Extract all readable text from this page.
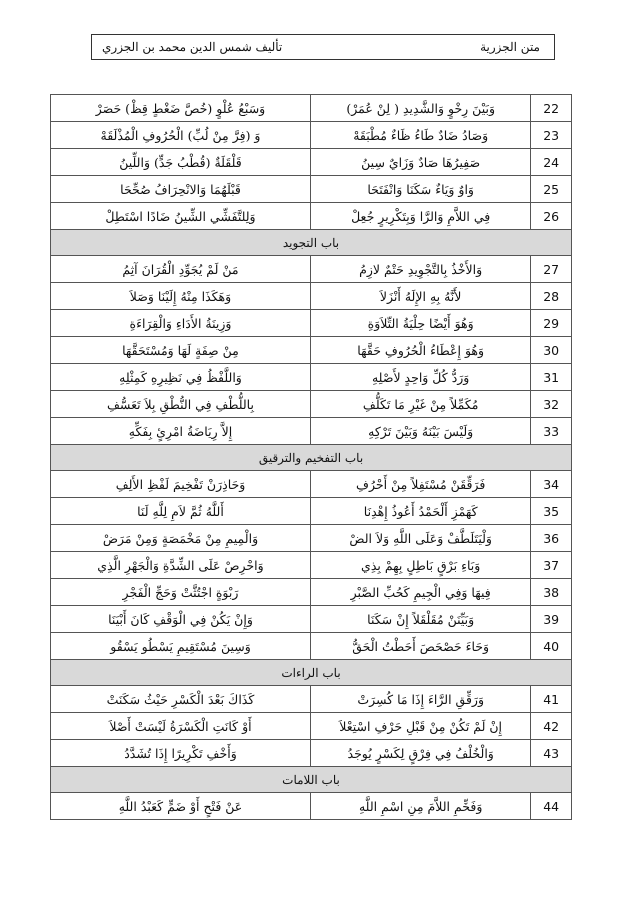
متن الجزرية
تأليف شمس الدين محمد بن الجزري
22	وَبَيْنَ رِخْوٍ وَالشَّدِيدِ ( لِنْ عُمَرْ)	وَسَبْعُ عُلْوٍ (خُصَّ ضَغْطٍ قِظْ) حَصَرْ
23	وَصَادُ ضَادٌ طَاءُ ظَاءٌ مُطْبَقَهْ	وَ (فِرَّ مِنْ لُبِّ) الْحُرُوفِ الْمُذْلَقَهْ
24	صَفِيرُهَا صَادٌ وَزَايٌ سِينُ	قَلْقَلَةٌ (قُطْبُ جَدٍّ) وَاللِّينُ
25	وَاوٌ وَيَاءٌ سَكَنَا وَانْفَتَحَا	قَبْلَهُمَا وَالانْحِرَافُ صُحِّحَا
26	فِي اللاَّمِ وَالرَّا وَبِتَكْرِيرٍ جُعِلْ	وَلِلتَّفَشِّي الشِّينُ ضَادًا اسْتَطِلْ
باب التجويد		
27	وَالأَخْذُ بِالتَّجْوِيدِ حَتْمٌ لازِمُ	مَنْ لَمْ يُجَوِّدِ الْقُرَانَ آثِمُ
28	لأَنَّهُ بِهِ الإِلَهُ أَنْزَلاَ	وَهَكَذَا مِنْهُ إِلَيْنَا وَصَلاَ
29	وَهُوَ أَيْضًا حِلْيَةُ التِّلاَوَةِ	وَزِينَةُ الأَدَاءِ وَالْقِرَاءَةِ
30	وَهُوَ إِعْطَاءُ الْحُرُوفِ حَقَّهَا	مِنْ صِفَةٍ لَهَا وَمُسْتَحَقَّهَا
31	وَرَدُّ كُلِّ وَاحِدٍ لأَصْلِهِ	وَاللَّفْظُ فِي نَظِيرِهِ كَمِثْلِهِ
32	مُكَمِّلاً مِنْ غَيْرِ مَا تَكَلُّفِ	بِاللُّطْفِ فِي النُّطْقِ بِلاَ تَعَسُّفِ
33	وَلَيْسَ بَيْنَهُ وَبَيْنَ تَرْكِهِ	إِلاَّ رِيَاضَةُ امْرِئٍ بِفَكِّهِ
باب التفخيم والترقيق		
34	فَرَقِّقَنْ مُسْتَفِلاً مِنْ أَحْرُفِ	وَحَاذِرَنْ تَفْخِيمَ لَفْظِ الأَلِفِ
35	كَهَمْزِ أَلْحَمْدُ أَعُوذُ إِهْدِنَا	أَللَّهُ ثُمَّ لاَمِ لِلَّهِ لَنَا
36	وَلْيَتَلَطَّفْ وَعَلَى اللَّهِ وَلاَ الضْ	وَالْمِيمِ مِنْ مَخْمَصَةٍ وَمِنْ مَرَضْ
37	وَبَاءِ بَرْقٍ بَاطِلٍ بِهِمْ بِذِي	وَاحْرِصْ عَلَى الشِّدَّةِ وَالْجَهْرِ الَّذِي
38	فِيهَا وَفِي الْجِيمِ كَحُبِّ الصَّبْرِ	رَبْوَةٍ اجْتُثَّتْ وَحَجِّ الْفَجْرِ
39	وَبَيِّنَنْ مُقَلْقَلاً إِنْ سَكَنَا	وَإِنْ يَكُنْ فِي الْوَقْفِ كَانَ أَبْيَنَا
40	وَحَاءَ حَصْحَصَ أَحَطْتُ الْحَقُّ	وَسِينَ مُسْتَقِيمِ يَسْطُو يَسْقُو
باب الراءات		
41	وَرَقِّقِ الرَّاءَ إِذَا مَا كُسِرَتْ	كَذَاكَ بَعْدَ الْكَسْرِ حَيْثُ سَكَنَتْ
42	إِنْ لَمْ تَكُنْ مِنْ قَبْلِ حَرْفِ اسْتِعْلاَ	أَوْ كَانَتِ الْكَسْرَةُ لَيْسَتْ أَصْلاَ
43	وَالْخُلْفُ فِي فِرْقٍ لِكَسْرٍ يُوجَدُ	وَأَخْفِ تَكْرِيرًا إِذَا تُشَدَّدُ
باب اللامات		
44	وَفَخِّمِ اللاَّمَ مِنِ اسْمِ اللَّهِ	عَنْ فَتْحٍ أَوْ ضَمٍّ كَعَبْدُ اللَّهِ
